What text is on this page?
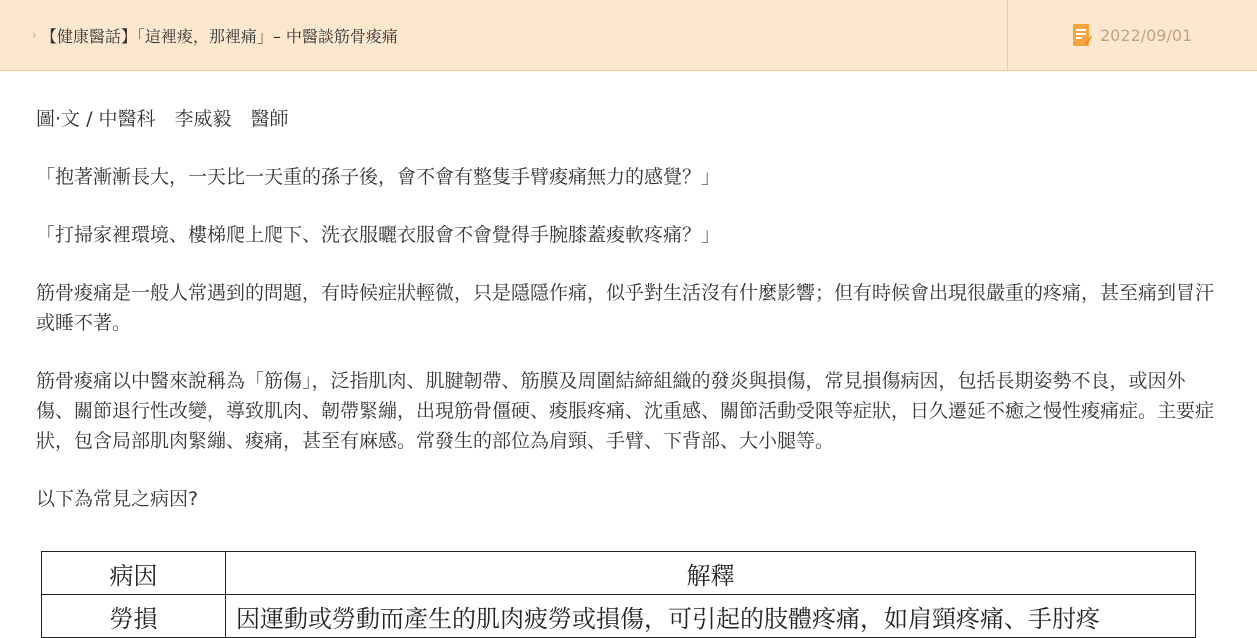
› 【健康醫話】「這裡痠，那裡痛」– 中醫談筋骨痠痛	2022/09/01

圖‧文 / 中醫科　李威毅　醫師

「抱著漸漸長大，一天比一天重的孫子後，會不會有整隻手臂痠痛無力的感覺？」

「打掃家裡環境、樓梯爬上爬下、洗衣服曬衣服會不會覺得手腕膝蓋痠軟疼痛？」

筋骨痠痛是一般人常遇到的問題，有時候症狀輕微，只是隱隱作痛，似乎對生活沒有什麼影響；但有時候會出現很嚴重的疼痛，甚至痛到冒汗或睡不著。

筋骨痠痛以中醫來說稱為「筋傷」，泛指肌肉、肌腱韌帶、筋膜及周圍結締組織的發炎與損傷，常見損傷病因，包括長期姿勢不良，或因外傷、關節退行性改變，導致肌肉、韌帶緊繃，出現筋骨僵硬、痠脹疼痛、沈重感、關節活動受限等症狀，日久遷延不癒之慢性痠痛症。主要症狀，包含局部肌肉緊繃、痠痛，甚至有麻感。常發生的部位為肩頸、手臂、下背部、大小腿等。

以下為常見之病因?

病因	解釋
勞損	因運動或勞動而產生的肌肉疲勞或損傷，可引起的肢體疼痛，如肩頸疼痛、手肘疼
